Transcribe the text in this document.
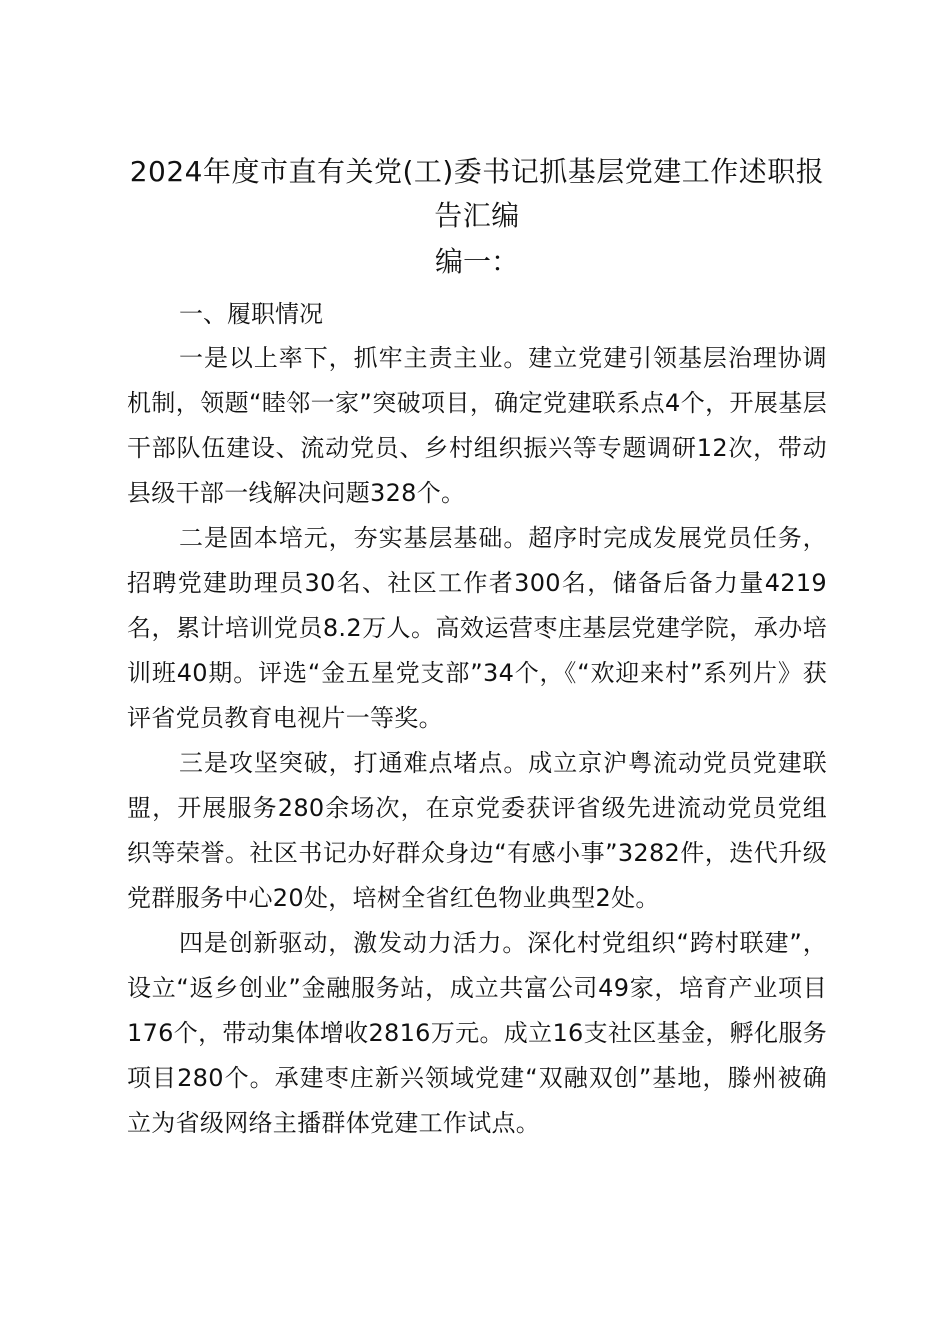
2024年度市直有关党(工)委书记抓基层党建工作述职报告汇编
编一：

一、履职情况

一是以上率下，抓牢主责主业。建立党建引领基层治理协调机制，领题“睦邻一家”突破项目，确定党建联系点4个，开展基层干部队伍建设、流动党员、乡村组织振兴等专题调研12次，带动县级干部一线解决问题328个。

二是固本培元，夯实基层基础。超序时完成发展党员任务，招聘党建助理员30名、社区工作者300名，储备后备力量4219名，累计培训党员8.2万人。高效运营枣庄基层党建学院，承办培训班40期。评选“金五星党支部”34个，《“欢迎来村”系列片》获评省党员教育电视片一等奖。

三是攻坚突破，打通难点堵点。成立京沪粤流动党员党建联盟，开展服务280余场次，在京党委获评省级先进流动党员党组织等荣誉。社区书记办好群众身边“有感小事”3282件，迭代升级党群服务中心20处，培树全省红色物业典型2处。

四是创新驱动，激发动力活力。深化村党组织“跨村联建”，设立“返乡创业”金融服务站，成立共富公司49家，培育产业项目176个，带动集体增收2816万元。成立16支社区基金，孵化服务项目280个。承建枣庄新兴领域党建“双融双创”基地，滕州被确立为省级网络主播群体党建工作试点。
